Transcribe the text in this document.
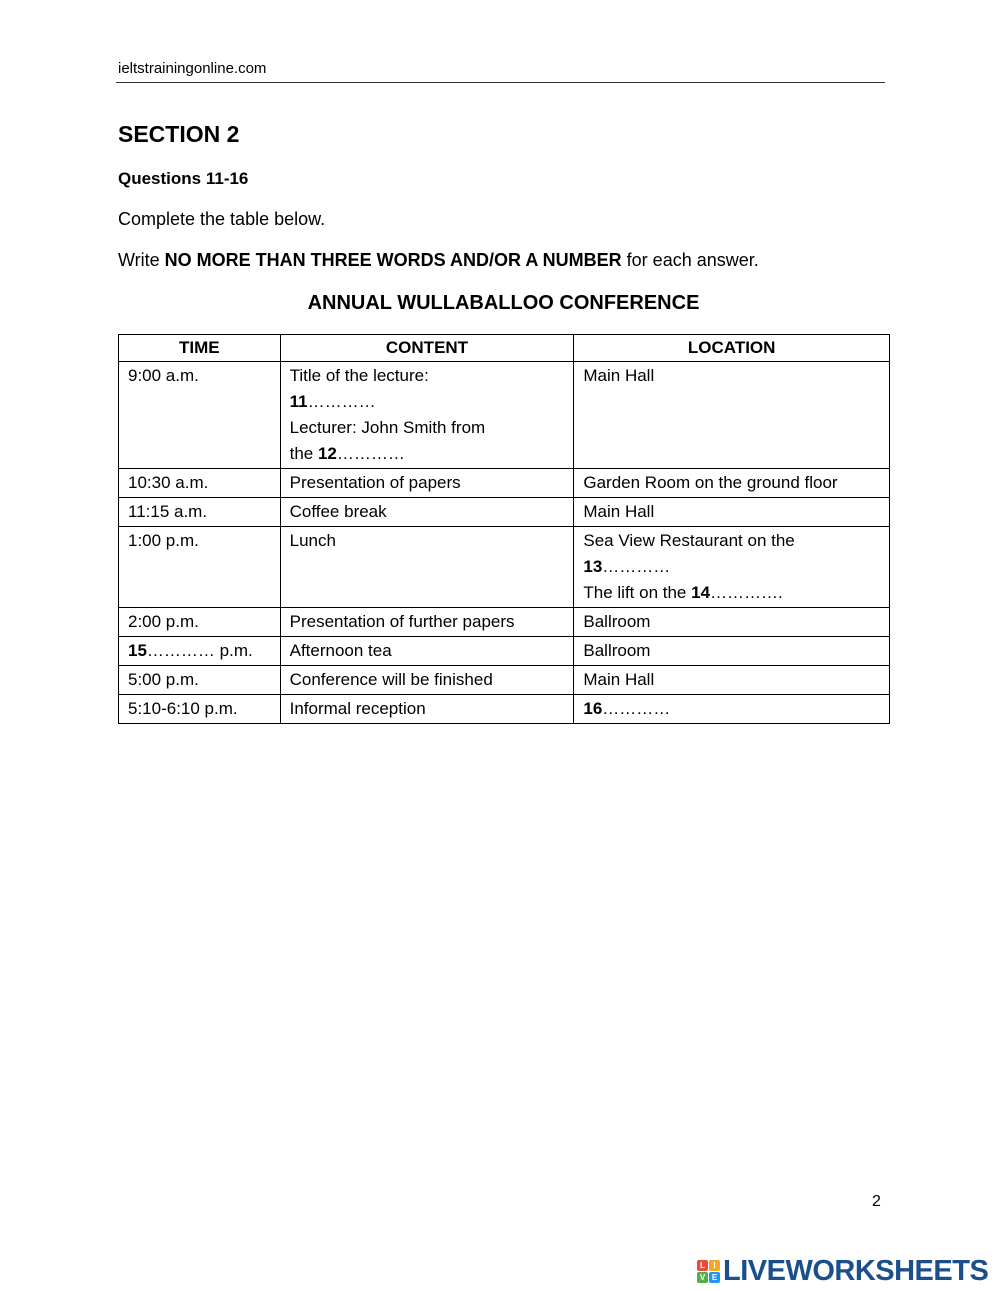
ieltstrainingonline.com
SECTION 2
Questions 11-16
Complete the table below.
Write NO MORE THAN THREE WORDS AND/OR A NUMBER for each answer.
ANNUAL WULLABALLOO CONFERENCE
TIME	CONTENT	LOCATION
9:00 a.m.	Title of the lecture:
11…………
Lecturer: John Smith from
the 12…………	Main Hall
10:30 a.m.	Presentation of papers	Garden Room on the ground floor
11:15 a.m.	Coffee break	Main Hall
1:00 p.m.	Lunch	Sea View Restaurant on the
13…………
The lift on the 14………….

2:00 p.m.	Presentation of further papers	Ballroom
15………… p.m.	Afternoon tea	Ballroom
5:00 p.m.	Conference will be finished	Main Hall
5:10-6:10 p.m.	Informal reception	16…………
2
L	I
V E LIVEWORKSHEETS
